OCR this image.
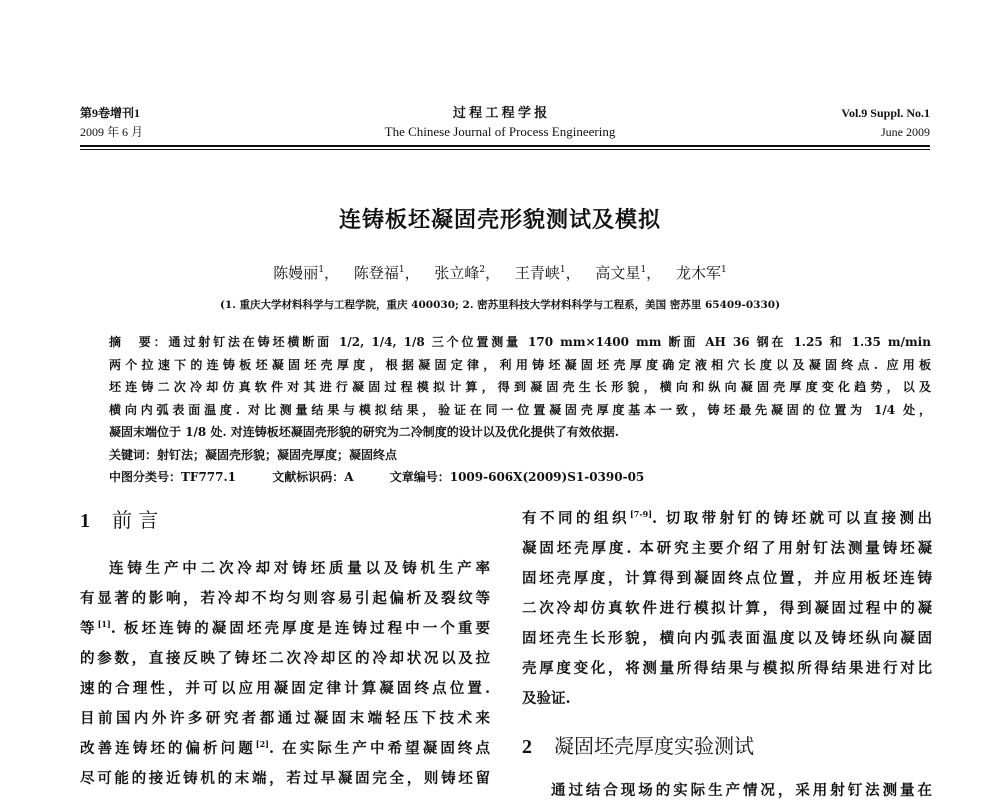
第9卷增刊1
2009 年 6 月
过 程 工 程 学 报
The Chinese Journal of Process Engineering
Vol.9 Suppl. No.1
June 2009
连铸板坯凝固壳形貌测试及模拟
陈嫚丽$^1$， 陈登福$^1$， 张立峰$^2$， 王青峡$^1$， 高文星$^1$， 龙木军$^1$
(1. 重庆大学材料科学与工程学院，重庆 400030; 2. 密苏里科技大学材料科学与工程系，美国 密苏里 65409-0330)
摘　要：通过射钉法在铸坯横断面 1/2, 1/4, 1/8 三个位置测量 170 mm×1400 mm 断面 AH 36 钢在 1.25 和 1.35 m/min
两个拉速下的连铸板坯凝固坯壳厚度，根据凝固定律，利用铸坯凝固坯壳厚度确定液相穴长度以及凝固终点. 应用板
坯连铸二次冷却仿真软件对其进行凝固过程模拟计算，得到凝固壳生长形貌，横向和纵向凝固壳厚度变化趋势，以及
横向内弧表面温度. 对比测量结果与模拟结果，验证在同一位置凝固壳厚度基本一致，铸坯最先凝固的位置为 1/4 处，
凝固末端位于 1/8 处. 对连铸板坯凝固壳形貌的研究为二冷制度的设计以及优化提供了有效依据.
关键词：射钉法；凝固壳形貌；凝固壳厚度；凝固终点
中图分类号：TF777.1	文献标识码：A	文章编号：1009-606X(2009)S1-0390-05
1 前 言
连铸生产中二次冷却对铸坯质量以及铸机生产率
有显著的影响，若冷却不均匀则容易引起偏析及裂纹等
等[1]. 板坯连铸的凝固坯壳厚度是连铸过程中一个重要
的参数，直接反映了铸坯二次冷却区的冷却状况以及拉
速的合理性，并可以应用凝固定律计算凝固终点位置.
目前国内外许多研究者都通过凝固末端轻压下技术来
改善连铸坯的偏析问题[2]. 在实际生产中希望凝固终点
尽可能的接近铸机的末端，若过早凝固完全，则铸坯留
有不同的组织[7-9]. 切取带射钉的铸坯就可以直接测出
凝固坯壳厚度. 本研究主要介绍了用射钉法测量铸坯凝
固坯壳厚度，计算得到凝固终点位置，并应用板坯连铸
二次冷却仿真软件进行模拟计算，得到凝固过程中的凝
固坯壳生长形貌，横向内弧表面温度以及铸坯纵向凝固
壳厚度变化，将测量所得结果与模拟所得结果进行对比
及验证.
2 凝固坯壳厚度实验测试
通过结合现场的实际生产情况，采用射钉法测量在
